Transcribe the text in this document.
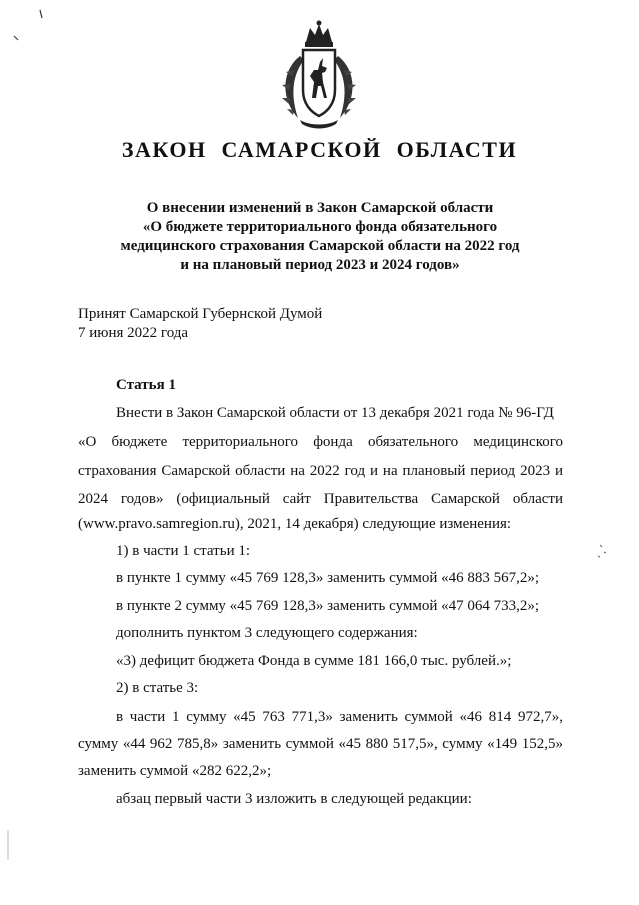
ЗАКОН САМАРСКОЙ ОБЛАСТИ
О внесении изменений в Закон Самарской области
«О бюджете территориального фонда обязательного
медицинского страхования Самарской области на 2022 год
и на плановый период 2023 и 2024 годов»
Принят Самарской Губернской Думой
7 июня 2022 года
Статья 1
Внести в Закон Самарской области от 13 декабря 2021 года № 96-ГД
«О бюджете территориального фонда обязательного медицинского
страхования Самарской области на 2022 год и на плановый период 2023 и
2024 годов» (официальный сайт Правительства Самарской области
(www.pravo.samregion.ru), 2021, 14 декабря) следующие изменения:
1) в части 1 статьи 1:
в пункте 1 сумму «45 769 128,3» заменить суммой «46 883 567,2»;
в пункте 2 сумму «45 769 128,3» заменить суммой «47 064 733,2»;
дополнить пунктом 3 следующего содержания:
«3) дефицит бюджета Фонда в сумме 181 166,0 тыс. рублей.»;
2) в статье 3:
в части 1 сумму «45 763 771,3» заменить суммой «46 814 972,7»,
сумму «44 962 785,8» заменить суммой «45 880 517,5», сумму «149 152,5»
заменить суммой «282 622,2»;
абзац первый части 3 изложить в следующей редакции:
